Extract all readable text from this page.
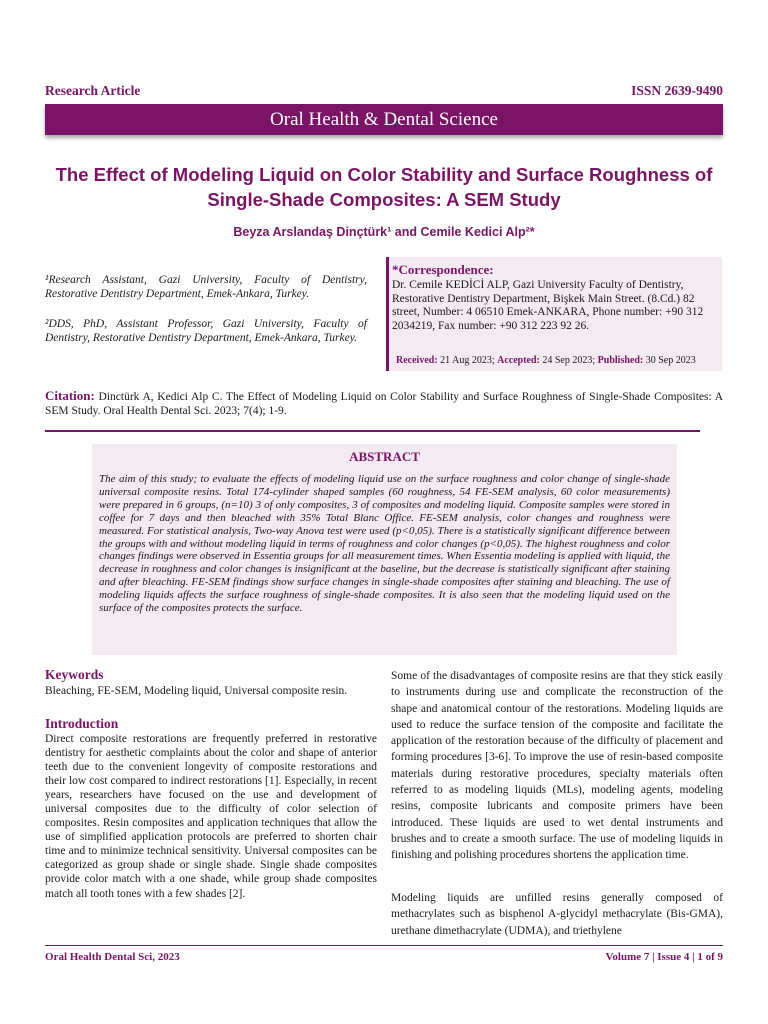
Research Article	ISSN 2639-9490
Oral Health & Dental Science
The Effect of Modeling Liquid on Color Stability and Surface Roughness of Single-Shade Composites: A SEM Study
Beyza Arslandaş Dinçtürk¹ and Cemile Kedici Alp²*
¹Research Assistant, Gazi University, Faculty of Dentistry, Restorative Dentistry Department, Emek-Ankara, Turkey.
²DDS, PhD, Assistant Professor, Gazi University, Faculty of Dentistry, Restorative Dentistry Department, Emek-Ankara, Turkey.
*Correspondence:
Dr. Cemile KEDİCİ ALP, Gazi University Faculty of Dentistry, Restorative Dentistry Department, Bişkek Main Street. (8.Cd.) 82 street, Number: 4 06510 Emek-ANKARA, Phone number: +90 312 2034219, Fax number: +90 312 223 92 26.
Received: 21 Aug 2023; Accepted: 24 Sep 2023; Published: 30 Sep 2023
Citation: Dinctürk A, Kedici Alp C. The Effect of Modeling Liquid on Color Stability and Surface Roughness of Single-Shade Composites: A SEM Study. Oral Health Dental Sci. 2023; 7(4); 1-9.
ABSTRACT
The aim of this study; to evaluate the effects of modeling liquid use on the surface roughness and color change of single-shade universal composite resins. Total 174-cylinder shaped samples (60 roughness, 54 FE-SEM analysis, 60 color measurements) were prepared in 6 groups, (n=10) 3 of only composites, 3 of composites and modeling liquid. Composite samples were stored in coffee for 7 days and then bleached with 35% Total Blanc Office. FE-SEM analysis, color changes and roughness were measured. For statistical analysis, Two-way Anova test were used (p<0,05). There is a statistically significant difference between the groups with and without modeling liquid in terms of roughness and color changes (p<0,05). The highest roughness and color changes findings were observed in Essentia groups for all measurement times. When Essentia modeling is applied with liquid, the decrease in roughness and color changes is insignificant at the baseline, but the decrease is statistically significant after staining and after bleaching. FE-SEM findings show surface changes in single-shade composites after staining and bleaching. The use of modeling liquids affects the surface roughness of single-shade composites. It is also seen that the modeling liquid used on the surface of the composites protects the surface.
Keywords
Bleaching, FE-SEM, Modeling liquid, Universal composite resin.
Introduction
Direct composite restorations are frequently preferred in restorative dentistry for aesthetic complaints about the color and shape of anterior teeth due to the convenient longevity of composite restorations and their low cost compared to indirect restorations [1]. Especially, in recent years, researchers have focused on the use and development of universal composites due to the difficulty of color selection of composites. Resin composites and application techniques that allow the use of simplified application protocols are preferred to shorten chair time and to minimize technical sensitivity. Universal composites can be categorized as group shade or single shade. Single shade composites provide color match with a one shade, while group shade composites match all tooth tones with a few shades [2].
Some of the disadvantages of composite resins are that they stick easily to instruments during use and complicate the reconstruction of the shape and anatomical contour of the restorations. Modeling liquids are used to reduce the surface tension of the composite and facilitate the application of the restoration because of the difficulty of placement and forming procedures [3-6]. To improve the use of resin-based composite materials during restorative procedures, specialty materials often referred to as modeling liquids (MLs), modeling agents, modeling resins, composite lubricants and composite primers have been introduced. These liquids are used to wet dental instruments and brushes and to create a smooth surface. The use of modeling liquids in finishing and polishing procedures shortens the application time.
Modeling liquids are unfilled resins generally composed of methacrylates such as bisphenol A-glycidyl methacrylate (Bis-GMA), urethane dimethacrylate (UDMA), and triethylene
Oral Health Dental Sci, 2023	Volume 7 | Issue 4 | 1 of 9
